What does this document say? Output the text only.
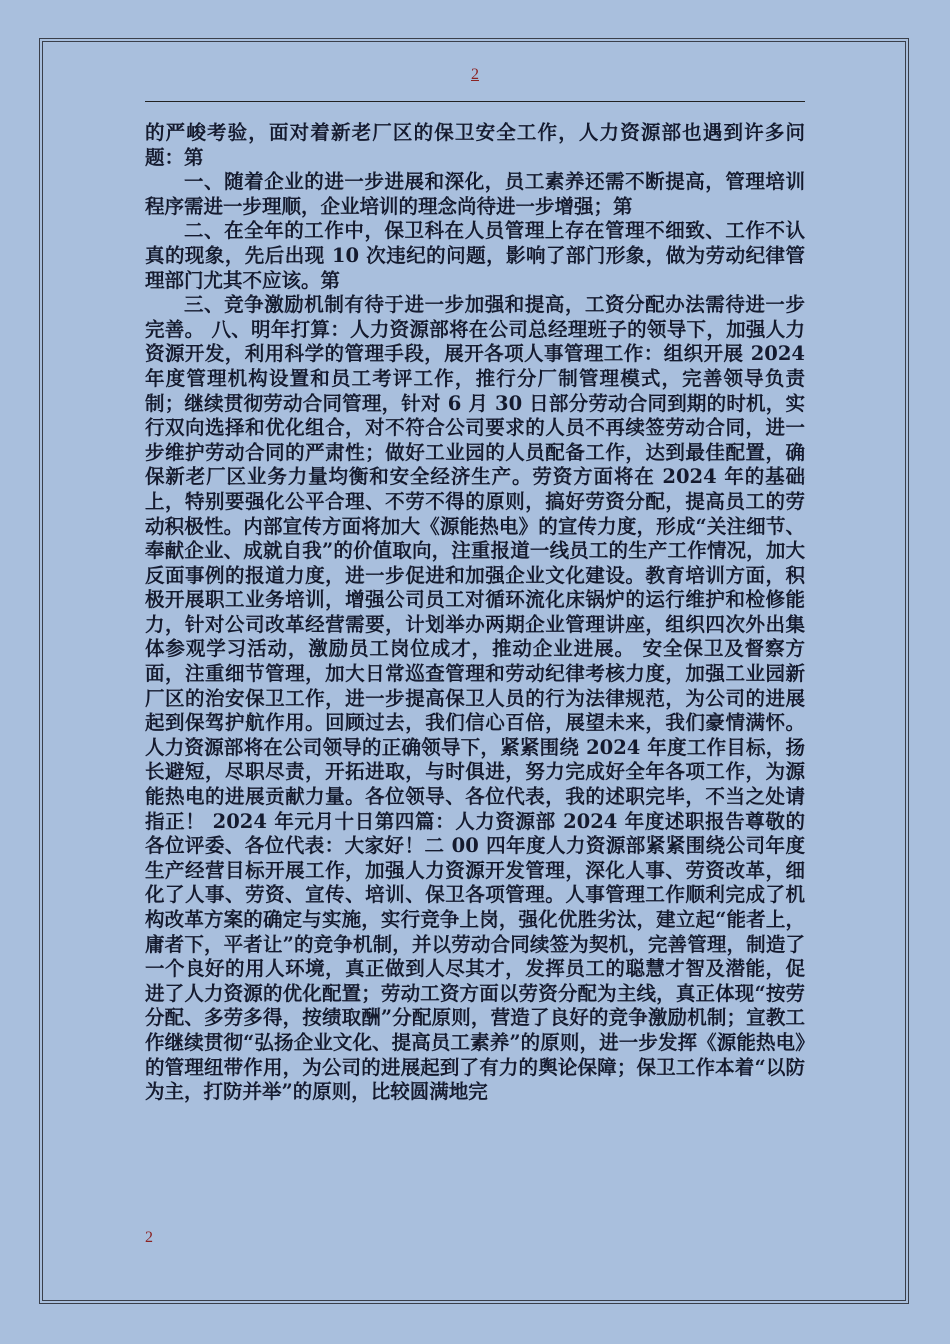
2

的严峻考验，面对着新老厂区的保卫安全工作，人力资源部也遇到许多问题：第

一、随着企业的进一步进展和深化，员工素养还需不断提高，管理培训程序需进一步理顺，企业培训的理念尚待进一步增强；第

二、在全年的工作中，保卫科在人员管理上存在管理不细致、工作不认真的现象，先后出现 10 次违纪的问题，影响了部门形象，做为劳动纪律管理部门尤其不应该。第

三、竞争激励机制有待于进一步加强和提高，工资分配办法需待进一步完善。 八、明年打算：人力资源部将在公司总经理班子的领导下，加强人力资源开发，利用科学的管理手段，展开各项人事管理工作：组织开展 2024 年度管理机构设置和员工考评工作，推行分厂制管理模式，完善领导负责制；继续贯彻劳动合同管理，针对 6 月 30 日部分劳动合同到期的时机，实行双向选择和优化组合，对不符合公司要求的人员不再续签劳动合同，进一步维护劳动合同的严肃性；做好工业园的人员配备工作，达到最佳配置，确保新老厂区业务力量均衡和安全经济生产。劳资方面将在 2024 年的基础上，特别要强化公平合理、不劳不得的原则，搞好劳资分配，提高员工的劳动积极性。内部宣传方面将加大《源能热电》的宣传力度，形成“关注细节、奉献企业、成就自我”的价值取向，注重报道一线员工的生产工作情况，加大反面事例的报道力度，进一步促进和加强企业文化建设。教育培训方面，积极开展职工业务培训，增强公司员工对循环流化床锅炉的运行维护和检修能力，针对公司改革经营需要，计划举办两期企业管理讲座，组织四次外出集体参观学习活动，激励员工岗位成才，推动企业进展。 安全保卫及督察方面，注重细节管理，加大日常巡查管理和劳动纪律考核力度，加强工业园新厂区的治安保卫工作，进一步提高保卫人员的行为法律规范，为公司的进展起到保驾护航作用。回顾过去，我们信心百倍，展望未来，我们豪情满怀。人力资源部将在公司领导的正确领导下，紧紧围绕 2024 年度工作目标，扬长避短，尽职尽责，开拓进取，与时俱进，努力完成好全年各项工作，为源能热电的进展贡献力量。各位领导、各位代表，我的述职完毕，不当之处请指正！ 2024 年元月十日第四篇：人力资源部 2024 年度述职报告尊敬的各位评委、各位代表：大家好！二 00 四年度人力资源部紧紧围绕公司年度生产经营目标开展工作，加强人力资源开发管理，深化人事、劳资改革，细化了人事、劳资、宣传、培训、保卫各项管理。人事管理工作顺利完成了机构改革方案的确定与实施，实行竞争上岗，强化优胜劣汰，建立起“能者上，庸者下，平者让”的竞争机制，并以劳动合同续签为契机，完善管理，制造了一个良好的用人环境，真正做到人尽其才，发挥员工的聪慧才智及潜能，促进了人力资源的优化配置；劳动工资方面以劳资分配为主线，真正体现“按劳分配、多劳多得，按绩取酬”分配原则，营造了良好的竞争激励机制；宣教工作继续贯彻“弘扬企业文化、提高员工素养”的原则，进一步发挥《源能热电》的管理纽带作用，为公司的进展起到了有力的舆论保障；保卫工作本着“以防为主，打防并举”的原则，比较圆满地完

2
